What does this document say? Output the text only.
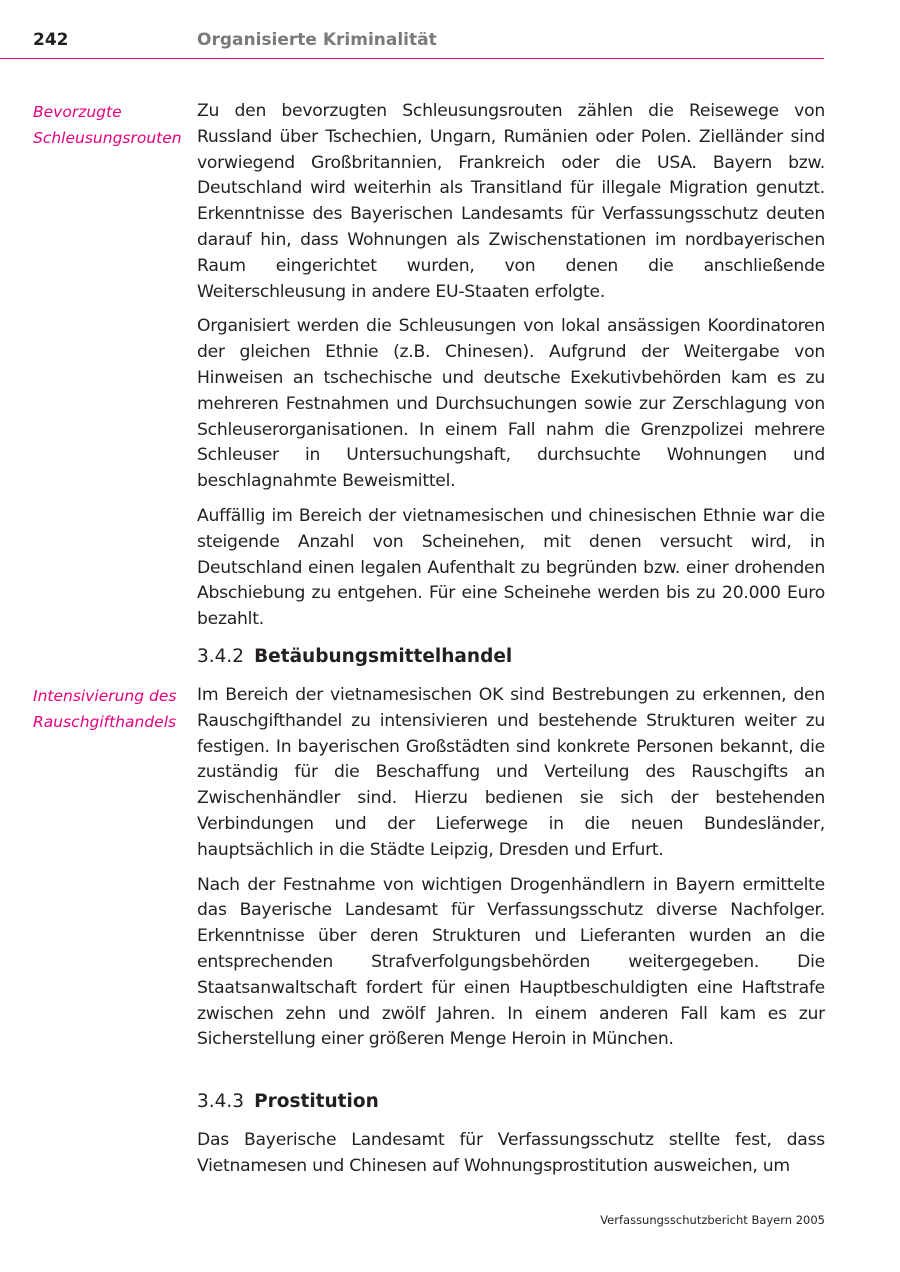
242	Organisierte Kriminalität
Bevorzugte Schleusungsrouten

Zu den bevorzugten Schleusungsrouten zählen die Reisewege von Russland über Tschechien, Ungarn, Rumänien oder Polen. Zielländer sind vorwiegend Großbritannien, Frankreich oder die USA. Bayern bzw. Deutschland wird weiterhin als Transitland für illegale Migration genutzt. Erkenntnisse des Bayerischen Landesamts für Verfassungsschutz deuten darauf hin, dass Wohnungen als Zwischenstationen im nordbayerischen Raum eingerichtet wurden, von denen die anschließende Weiterschleusung in andere EU-Staaten erfolgte.

Organisiert werden die Schleusungen von lokal ansässigen Koordinatoren der gleichen Ethnie (z.B. Chinesen). Aufgrund der Weitergabe von Hinweisen an tschechische und deutsche Exekutivbehörden kam es zu mehreren Festnahmen und Durchsuchungen sowie zur Zerschlagung von Schleuserorganisationen. In einem Fall nahm die Grenzpolizei mehrere Schleuser in Untersuchungshaft, durchsuchte Wohnungen und beschlagnahmte Beweismittel.

Auffällig im Bereich der vietnamesischen und chinesischen Ethnie war die steigende Anzahl von Scheinehen, mit denen versucht wird, in Deutschland einen legalen Aufenthalt zu begründen bzw. einer drohenden Abschiebung zu entgehen. Für eine Scheinehe werden bis zu 20.000 Euro bezahlt.

3.4.2 Betäubungsmittelhandel
Intensivierung des Rauschgifthandels

Im Bereich der vietnamesischen OK sind Bestrebungen zu erkennen, den Rauschgifthandel zu intensivieren und bestehende Strukturen weiter zu festigen. In bayerischen Großstädten sind konkrete Personen bekannt, die zuständig für die Beschaffung und Verteilung des Rauschgifts an Zwischenhändler sind. Hierzu bedienen sie sich der bestehenden Verbindungen und der Lieferwege in die neuen Bundesländer, hauptsächlich in die Städte Leipzig, Dresden und Erfurt.

Nach der Festnahme von wichtigen Drogenhändlern in Bayern ermittelte das Bayerische Landesamt für Verfassungsschutz diverse Nachfolger. Erkenntnisse über deren Strukturen und Lieferanten wurden an die entsprechenden Strafverfolgungsbehörden weitergegeben. Die Staatsanwaltschaft fordert für einen Hauptbeschuldigten eine Haftstrafe zwischen zehn und zwölf Jahren. In einem anderen Fall kam es zur Sicherstellung einer größeren Menge Heroin in München.

3.4.3 Prostitution

Das Bayerische Landesamt für Verfassungsschutz stellte fest, dass Vietnamesen und Chinesen auf Wohnungsprostitution ausweichen, um

Verfassungsschutzbericht Bayern 2005
